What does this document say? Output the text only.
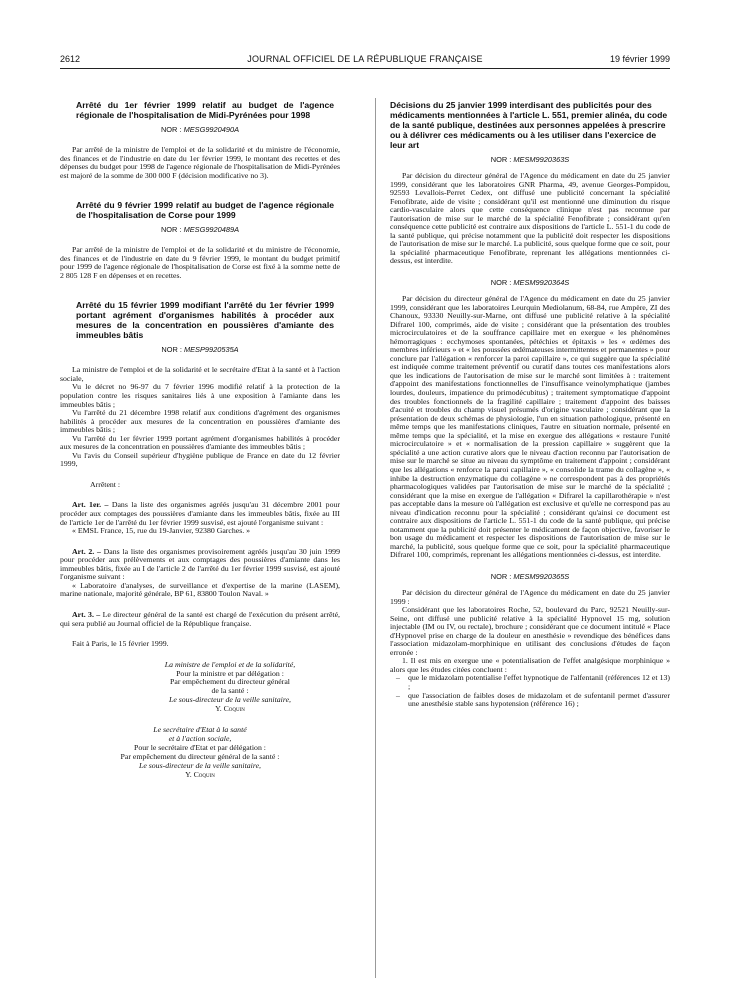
2612	JOURNAL OFFICIEL DE LA RÉPUBLIQUE FRANÇAISE	19 février 1999
Arrêté du 1er février 1999 relatif au budget de l'agence régionale de l'hospitalisation de Midi-Pyrénées pour 1998
NOR : MESG9920490A

Par arrêté de la ministre de l'emploi et de la solidarité et du ministre de l'économie, des finances et de l'industrie en date du 1er février 1999, le montant des recettes et des dépenses du budget pour 1998 de l'agence régionale de l'hospitalisation de Midi-Pyrénées est majoré de la somme de 300 000 F (décision modificative no 3).

Arrêté du 9 février 1999 relatif au budget de l'agence régionale de l'hospitalisation de Corse pour 1999
NOR : MESG9920489A

Par arrêté de la ministre de l'emploi et de la solidarité et du ministre de l'économie, des finances et de l'industrie en date du 9 février 1999, le montant du budget primitif pour 1999 de l'agence régionale de l'hospitalisation de Corse est fixé à la somme nette de 2 805 128 F en dépenses et en recettes.

Arrêté du 15 février 1999 modifiant l'arrêté du 1er février 1999 portant agrément d'organismes habilités à procéder aux mesures de la concentration en poussières d'amiante des immeubles bâtis
NOR : MESP9920535A

La ministre de l'emploi et de la solidarité et le secrétaire d'Etat à la santé et à l'action sociale,

Vu le décret no 96-97 du 7 février 1996 modifié relatif à la protection de la population contre les risques sanitaires liés à une exposition à l'amiante dans les immeubles bâtis ;

Vu l'arrêté du 21 décembre 1998 relatif aux conditions d'agrément des organismes habilités à procéder aux mesures de la concentration en poussières d'amiante des immeubles bâtis ;

Vu l'arrêté du 1er février 1999 portant agrément d'organismes habilités à procéder aux mesures de la concentration en poussières d'amiante des immeubles bâtis ;

Vu l'avis du Conseil supérieur d'hygiène publique de France en date du 12 février 1999,

Arrêtent :

Art. 1er. – Dans la liste des organismes agréés jusqu'au 31 décembre 2001 pour procéder aux comptages des poussières d'amiante dans les immeubles bâtis, fixée au III de l'article 1er de l'arrêté du 1er février 1999 susvisé, est ajouté l'organisme suivant :

« EMSL France, 15, rue du 19-Janvier, 92380 Garches. »

Art. 2. – Dans la liste des organismes provisoirement agréés jusqu'au 30 juin 1999 pour procéder aux prélèvements et aux comptages des poussières d'amiante dans les immeubles bâtis, fixée au I de l'article 2 de l'arrêté du 1er février 1999 susvisé, est ajouté l'organisme suivant :

« Laboratoire d'analyses, de surveillance et d'expertise de la marine (LASEM), marine nationale, majorité générale, BP 61, 83800 Toulon Naval. »

Art. 3. – Le directeur général de la santé est chargé de l'exécution du présent arrêté, qui sera publié au Journal officiel de la République française.

Fait à Paris, le 15 février 1999.

La ministre de l'emploi et de la solidarité,
Pour la ministre et par délégation :
Par empêchement du directeur général
de la santé :
Le sous-directeur de la veille sanitaire,
Y. Coquin
Le secrétaire d'Etat à la santé
et à l'action sociale,
Pour le secrétaire d'Etat et par délégation :
Par empêchement du directeur général de la santé :
Le sous-directeur de la veille sanitaire,
Y. Coquin
Décisions du 25 janvier 1999 interdisant des publicités pour des médicaments mentionnées à l'article L. 551, premier alinéa, du code de la santé publique, destinées aux personnes appelées à prescrire ou à délivrer ces médicaments ou à les utiliser dans l'exercice de leur art
NOR : MESM9920363S

Par décision du directeur général de l'Agence du médicament en date du 25 janvier 1999, considérant que les laboratoires GNR Pharma, 49, avenue Georges-Pompidou, 92593 Levallois-Perret Cedex, ont diffusé une publicité concernant la spécialité Fenofibrate, aide de visite ; considérant qu'il est mentionné une diminution du risque cardio-vasculaire alors que cette conséquence clinique n'est pas reconnue par l'autorisation de mise sur le marché de la spécialité Fenofibrate ; considérant qu'en conséquence cette publicité est contraire aux dispositions de l'article L. 551-1 du code de la santé publique, qui précise notamment que la publicité doit respecter les dispositions de l'autorisation de mise sur le marché. La publicité, sous quelque forme que ce soit, pour la spécialité pharmaceutique Fenofibrate, reprenant les allégations mentionnées ci-dessus, est interdite.

NOR : MESM9920364S

Par décision du directeur général de l'Agence du médicament en date du 25 janvier 1999, considérant que les laboratoires Leurquin Mediolanum, 68-84, rue Ampère, ZI des Chanoux, 93330 Neuilly-sur-Marne, ont diffusé une publicité relative à la spécialité Difrarel 100, comprimés, aide de visite ; considérant que la présentation des troubles microcirculatoires et de la souffrance capillaire met en exergue « les phénomènes hémorragiques : ecchymoses spontanées, pétéchies et épitaxis » les « œdèmes des membres inférieurs » et « les poussées œdémateuses intermittentes et permanentes » pour conclure par l'allégation « renforcer la paroi capillaire », ce qui suggère que la spécialité est indiquée comme traitement préventif ou curatif dans toutes ces manifestations alors que les indications de l'autorisation de mise sur le marché sont limitées à : traitement d'appoint des manifestations fonctionnelles de l'insuffisance veinolymphatique (jambes lourdes, douleurs, impatience du primodécubitus) ; traitement symptomatique d'appoint des troubles fonctionnels de la fragilité capillaire ; traitement d'appoint des baisses d'acuité et troubles du champ visuel présumés d'origine vasculaire ; considérant que la présentation de deux schémas de physiologie, l'un en situation pathologique, présenté en même temps que les manifestations cliniques, l'autre en situation normale, présenté en même temps que la spécialité, et la mise en exergue des allégations « restaure l'unité microcirculatoire » et « normalisation de la pression capillaire » suggèrent que la spécialité a une action curative alors que le niveau d'action reconnu par l'autorisation de mise sur le marché se situe au niveau du symptôme en traitement d'appoint ; considérant que les allégations « renforce la paroi capillaire », « consolide la trame du collagène », « inhibe la destruction enzymatique du collagène » ne correspondent pas à des propriétés pharmacologiques validées par l'autorisation de mise sur le marché de la spécialité ; considérant que la mise en exergue de l'allégation « Difrarel la capillarothérapie » n'est pas acceptable dans la mesure où l'allégation est exclusive et qu'elle ne correspond pas au niveau d'indication reconnu pour la spécialité ; considérant qu'ainsi ce document est contraire aux dispositions de l'article L. 551-1 du code de la santé publique, qui précise notamment que la publicité doit présenter le médicament de façon objective, favoriser le bon usage du médicament et respecter les dispositions de l'autorisation de mise sur le marché, la publicité, sous quelque forme que ce soit, pour la spécialité pharmaceutique Difrarel 100, comprimés, reprenant les allégations mentionnées ci-dessus, est interdite.

NOR : MESM9920365S

Par décision du directeur général de l'Agence du médicament en date du 25 janvier 1999 :

Considérant que les laboratoires Roche, 52, boulevard du Parc, 92521 Neuilly-sur-Seine, ont diffusé une publicité relative à la spécialité Hypnovel 15 mg, solution injectable (IM ou IV, ou rectale), brochure ; considérant que ce document intitulé « Place d'Hypnovel prise en charge de la douleur en anesthésie » revendique des bénéfices dans l'association midazolam-morphinique en utilisant des conclusions d'études de façon erronée :

1. Il est mis en exergue une « potentialisation de l'effet analgésique morphinique » alors que les études citées concluent :

– que le midazolam potentialise l'effet hypnotique de l'alfentanil (références 12 et 13) ;

– que l'association de faibles doses de midazolam et de sufentanil permet d'assurer une anesthésie stable sans hypotension (référence 16) ;
